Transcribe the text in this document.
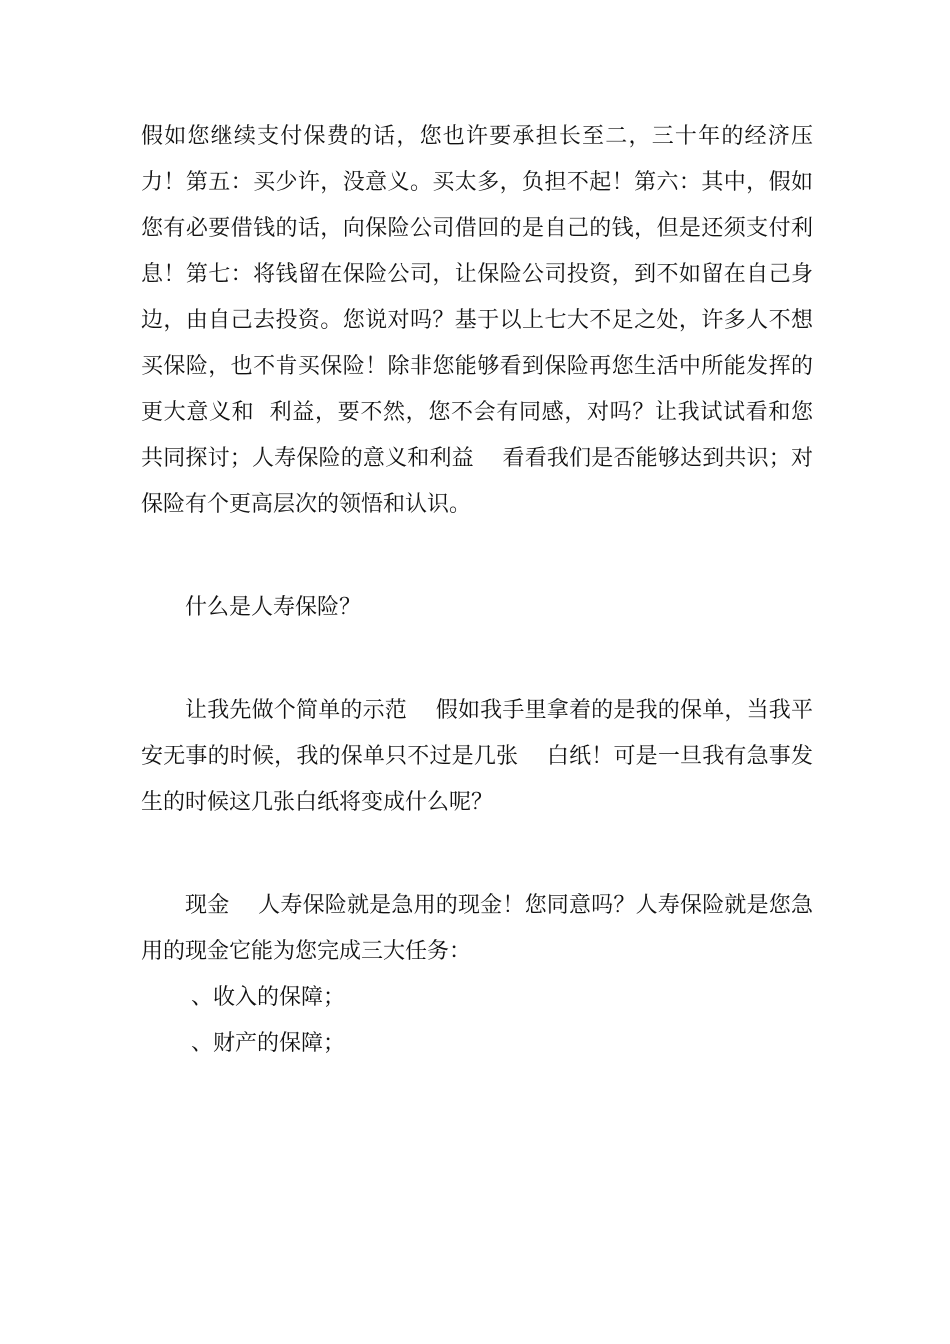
假如您继续支付保费的话，您也许要承担长至二，三十年的经济压力！第五：买少许，没意义。买太多，负担不起！第六：其中，假如您有必要借钱的话，向保险公司借回的是自己的钱，但是还须支付利息！第七：将钱留在保险公司，让保险公司投资，到不如留在自己身边，由自己去投资。您说对吗？基于以上七大不足之处，许多人不想买保险，也不肯买保险！除非您能够看到保险再您生活中所能发挥的更大意义和  利益，要不然，您不会有同感，对吗？让我试试看和您共同探讨；人寿保险的意义和利益    看看我们是否能够达到共识；对保险有个更高层次的领悟和认识。

什么是人寿保险？

让我先做个简单的示范    假如我手里拿着的是我的保单，当我平安无事的时候，我的保单只不过是几张    白纸！可是一旦我有急事发生的时候这几张白纸将变成什么呢？

现金    人寿保险就是急用的现金！您同意吗？人寿保险就是您急用的现金它能为您完成三大任务：

、收入的保障；

、财产的保障；
